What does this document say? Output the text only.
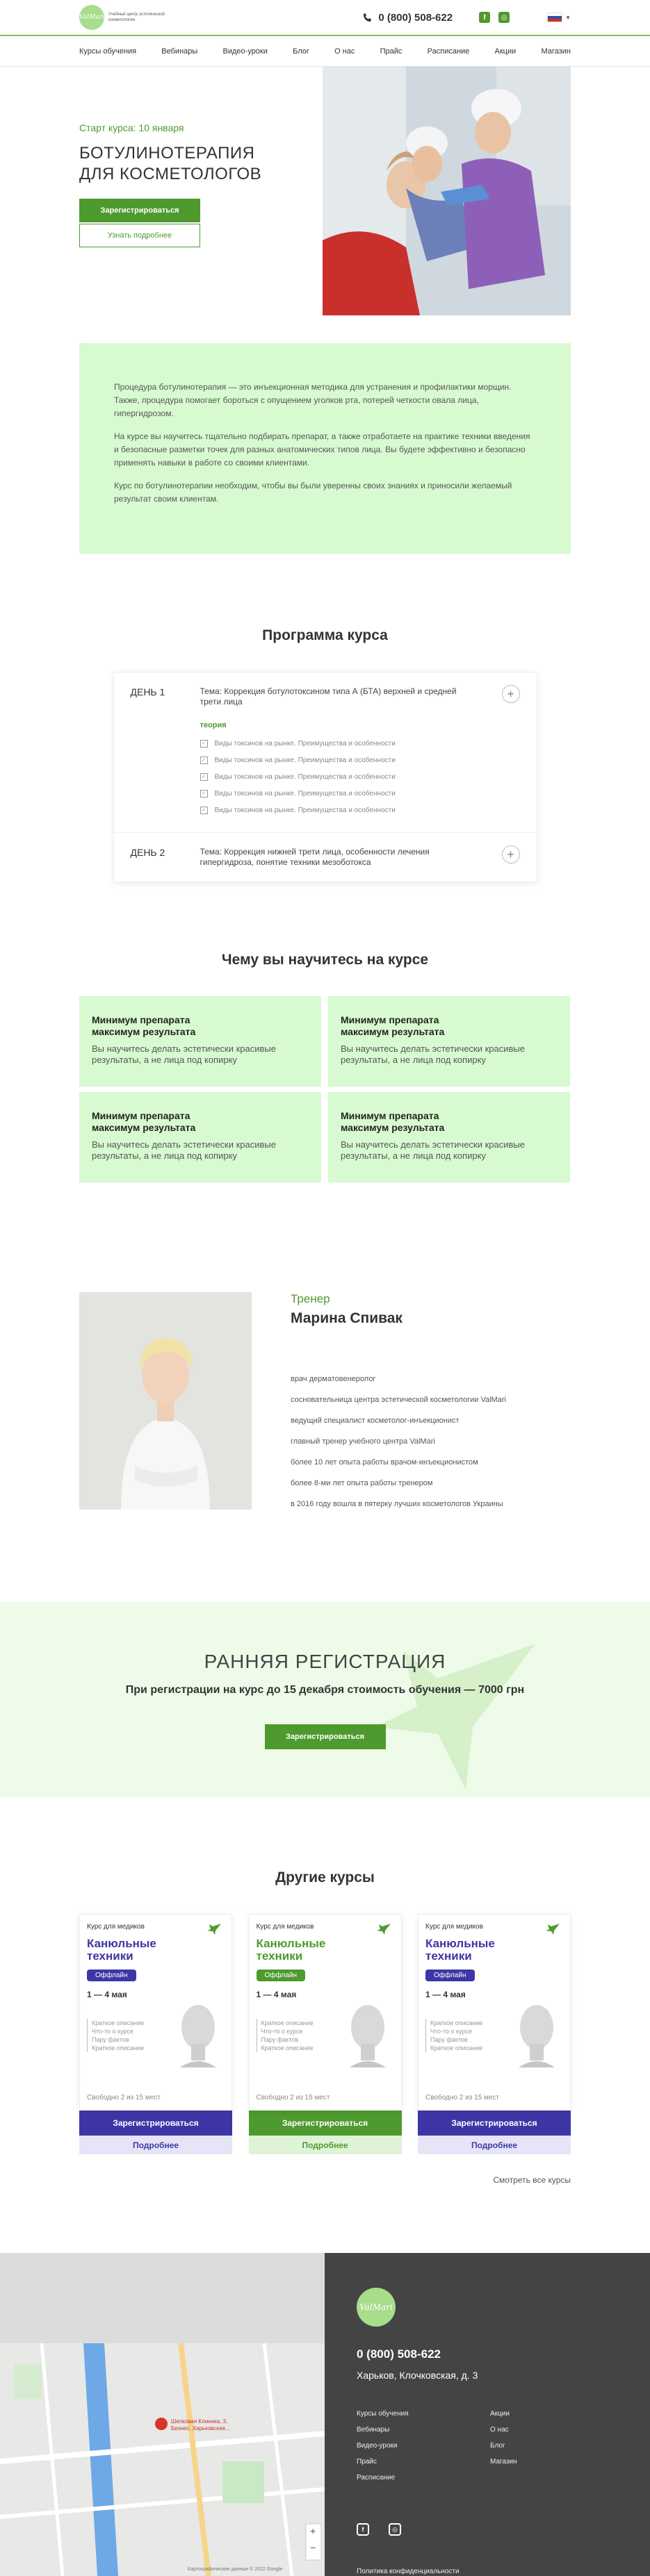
ValMari Учебный центр эстетической косметологии	0 (800) 508-622	f	◎	▼
Курсы обучения	Вебинары	Видео-уроки	Блог	О нас	Прайс	Расписание	Акции	Магазин
Старт курса: 10 января
БОТУЛИНОТЕРАПИЯ
ДЛЯ КОСМЕТОЛОГОВ
Зарегистрироваться
Узнать подробнее

Процедура ботулинотерапия — это инъекционная методика для устранения и профилактики морщин. Также, процедура помогает бороться с опущением уголков рта, потерей четкости овала лица, гипергидрозом.

На курсе вы научитесь тщательно подбирать препарат, а также отработаете на практике техники введения и безопасные разметки точек для разных анатомических типов лица. Вы будете эффективно и безопасно применять навыки в работе со своими клиентами.

Курс по ботулинотерапии необходим, чтобы вы были уверенны своих знаниях и приносили желаемый результат своим клиентам.

Программа курса
ДЕНЬ 1	Тема: Коррекция ботулотоксином типа А (БТА) верхней и средней трети лица
теория
✓ Виды токсинов на рынке. Преимущества и особенности
✓ Виды токсинов на рынке. Преимущества и особенности
✓ Виды токсинов на рынке. Преимущества и особенности
✓ Виды токсинов на рынке. Преимущества и особенности
✓ Виды токсинов на рынке. Преимущества и особенности
+
ДЕНЬ 2	Тема: Коррекция нижней трети лица, особенности лечения гипергидроза, понятие техники мезоботокса
+
Чему вы научитесь на курсе
Минимум препарата
максимум результата
Вы научитесь делать эстетически красивые результаты, а не лица под копирку
Минимум препарата
максимум результата
Вы научитесь делать эстетически красивые результаты, а не лица под копирку
Минимум препарата
максимум результата
Вы научитесь делать эстетически красивые результаты, а не лица под копирку
Минимум препарата
максимум результата
Вы научитесь делать эстетически красивые результаты, а не лица под копирку
Тренер
Марина Спивак
врач дерматовенеролог
сосновательница центра эстетической косметологии ValMari
ведущий специалист косметолог-инъекционист
главный тренер учебного центра ValMari
более 10 лет опыта работы врачом-инъекционистом
более 8-ми лет опыта работы тренером
в 2016 году вошла в пятерку лучших косметологов Украины
РАННЯЯ РЕГИСТРАЦИЯ
При регистрации на курс до 15 декабря стоимость обучения — 7000 грн
Зарегистрироваться
Другие курсы
Курс для медиков
Канюльные
техники
Оффлайн
1 — 4 мая
Краткое описание
Что-то о курсе
Пару фактов
Краткое описание
Свободно 2 из 15 мест
Зарегистрироваться
Подробнее
Курс для медиков
Канюльные
техники
Оффлайн
1 — 4 мая
Краткое описание
Что-то о курсе
Пару фактов
Краткое описание
Свободно 2 из 15 мест
Зарегистрироваться
Подробнее
Курс для медиков
Канюльные
техники
Оффлайн
1 — 4 мая
Краткое описание
Что-то о курсе
Пару фактов
Краткое описание
Свободно 2 из 15 мест
Зарегистрироваться
Подробнее
Смотреть все курсы
Шелковая Клиника, 3, Бизнес, Харьковская...
+
−
Картографические данные © 2022 Google
ValMari
0 (800) 508-622
Харьков, Клочковская, д. 3
Курсы обучения	Акции
Вебинары	О нас
Видео-уроки	Блог
Прайс	Магазин
Расписание
f	◎
Политика конфиденциальности
